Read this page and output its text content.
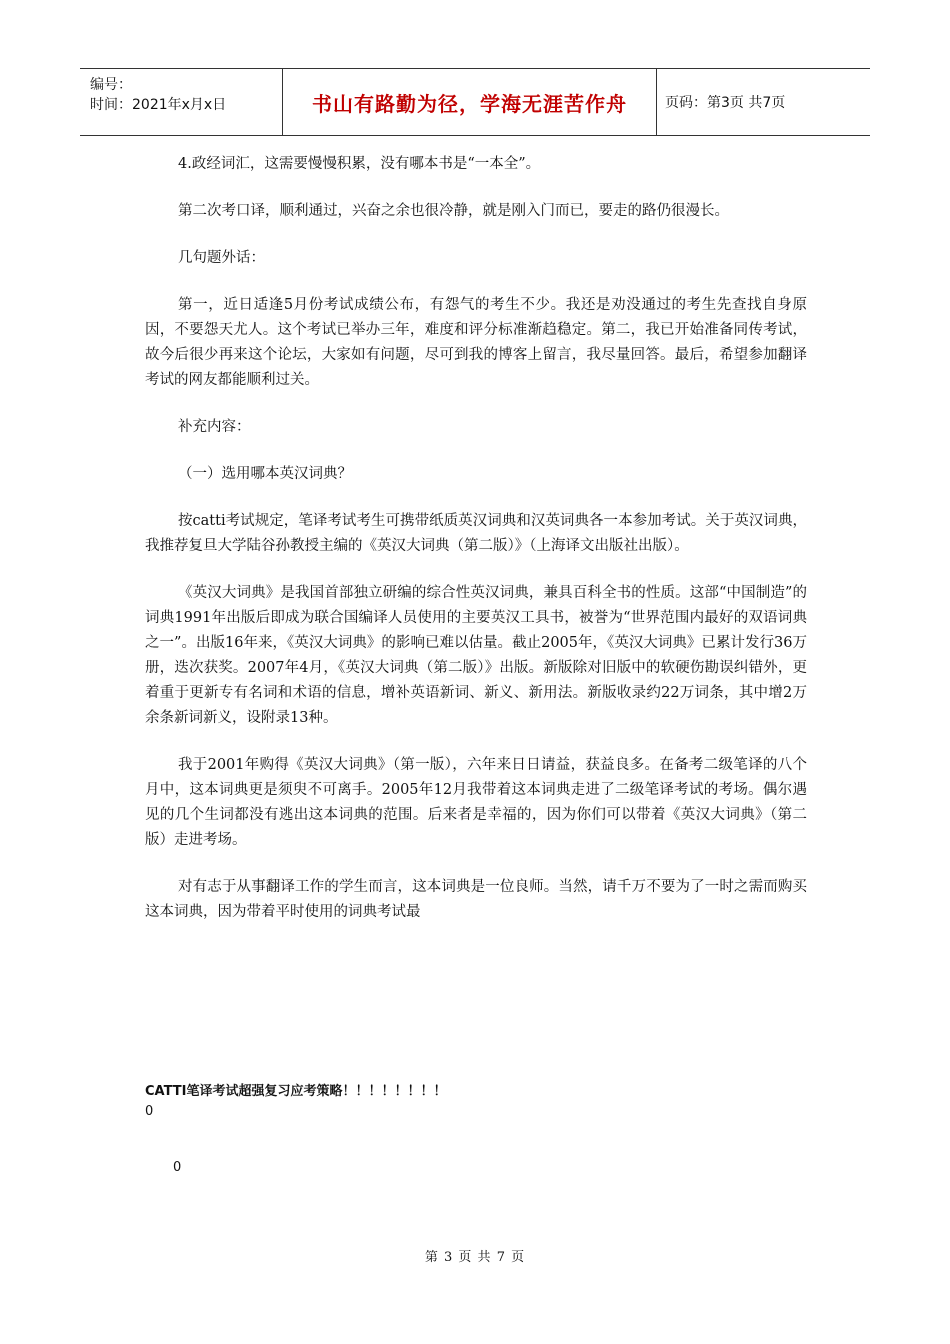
编号：
时间：2021年x月x日	书山有路勤为径，学海无涯苦作舟	页码：第3页 共7页

4.政经词汇，这需要慢慢积累，没有哪本书是“一本全”。

第二次考口译，顺利通过，兴奋之余也很冷静，就是刚入门而已，要走的路仍很漫长。

几句题外话：

第一，近日适逢5月份考试成绩公布，有怨气的考生不少。我还是劝没通过的考生先查找自身原因，不要怨天尤人。这个考试已举办三年，难度和评分标准渐趋稳定。第二，我已开始准备同传考试，故今后很少再来这个论坛，大家如有问题，尽可到我的博客上留言，我尽量回答。最后，希望参加翻译考试的网友都能顺利过关。

补充内容：

（一）选用哪本英汉词典？

按catti考试规定，笔译考试考生可携带纸质英汉词典和汉英词典各一本参加考试。关于英汉词典，我推荐复旦大学陆谷孙教授主编的《英汉大词典（第二版）》（上海译文出版社出版）。

《英汉大词典》是我国首部独立研编的综合性英汉词典，兼具百科全书的性质。这部“中国制造”的词典1991年出版后即成为联合国编译人员使用的主要英汉工具书，被誉为“世界范围内最好的双语词典之一”。出版16年来，《英汉大词典》的影响已难以估量。截止2005年，《英汉大词典》已累计发行36万册，迭次获奖。2007年4月，《英汉大词典（第二版）》出版。新版除对旧版中的软硬伤勘误纠错外，更着重于更新专有名词和术语的信息，增补英语新词、新义、新用法。新版收录约22万词条，其中增2万余条新词新义，设附录13种。

我于2001年购得《英汉大词典》（第一版），六年来日日请益，获益良多。在备考二级笔译的八个月中，这本词典更是须臾不可离手。2005年12月我带着这本词典走进了二级笔译考试的考场。偶尔遇见的几个生词都没有逃出这本词典的范围。后来者是幸福的，因为你们可以带着《英汉大词典》（第二版）走进考场。

对有志于从事翻译工作的学生而言，这本词典是一位良师。当然，请千万不要为了一时之需而购买这本词典，因为带着平时使用的词典考试最

CATTI笔译考试超强复习应考策略！！！！！！！！
0
0
第 3 页 共 7 页
